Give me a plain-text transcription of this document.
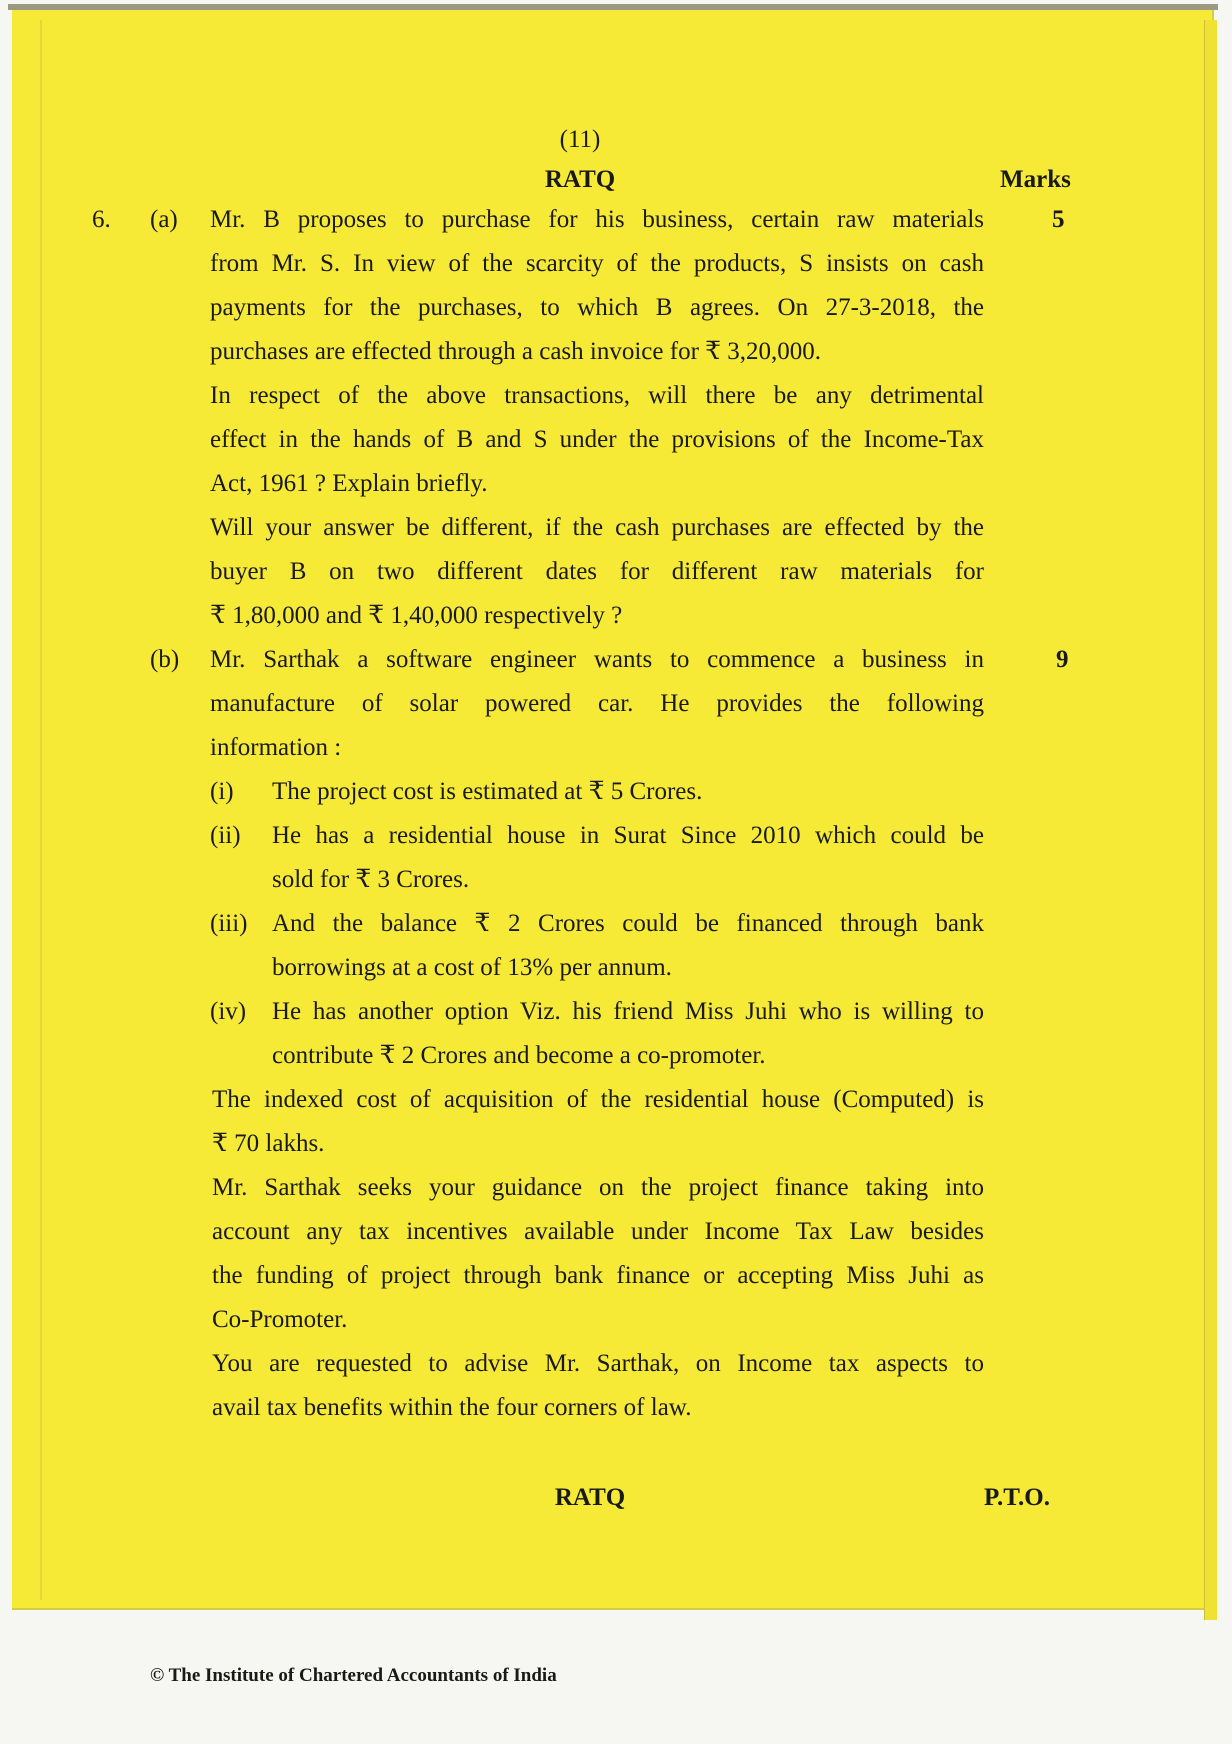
(11)
RATQ	Marks
6. (a)	5
Mr. B proposes to purchase for his business, certain raw materials
from Mr. S. In view of the scarcity of the products, S insists on cash
payments for the purchases, to which B agrees. On 27-3-2018, the
purchases are effected through a cash invoice for ₹ 3,20,000.
In respect of the above transactions, will there be any detrimental
effect in the hands of B and S under the provisions of the Income-Tax
Act, 1961 ? Explain briefly.
Will your answer be different, if the cash purchases are effected by the
buyer B on two different dates for different raw materials for
₹ 1,80,000 and ₹ 1,40,000 respectively ?
(b)	9
Mr. Sarthak a software engineer wants to commence a business in
manufacture of solar powered car. He provides the following
information :
(i) The project cost is estimated at ₹ 5 Crores.
(ii) He has a residential house in Surat Since 2010 which could be
sold for ₹ 3 Crores.
(iii) And the balance ₹ 2 Crores could be financed through bank
borrowings at a cost of 13% per annum.
(iv) He has another option Viz. his friend Miss Juhi who is willing to
contribute ₹ 2 Crores and become a co-promoter.
The indexed cost of acquisition of the residential house (Computed) is
₹ 70 lakhs.
Mr. Sarthak seeks your guidance on the project finance taking into
account any tax incentives available under Income Tax Law besides
the funding of project through bank finance or accepting Miss Juhi as
Co-Promoter.
You are requested to advise Mr. Sarthak, on Income tax aspects to
avail tax benefits within the four corners of law.
RATQ	P.T.O.
© The Institute of Chartered Accountants of India
